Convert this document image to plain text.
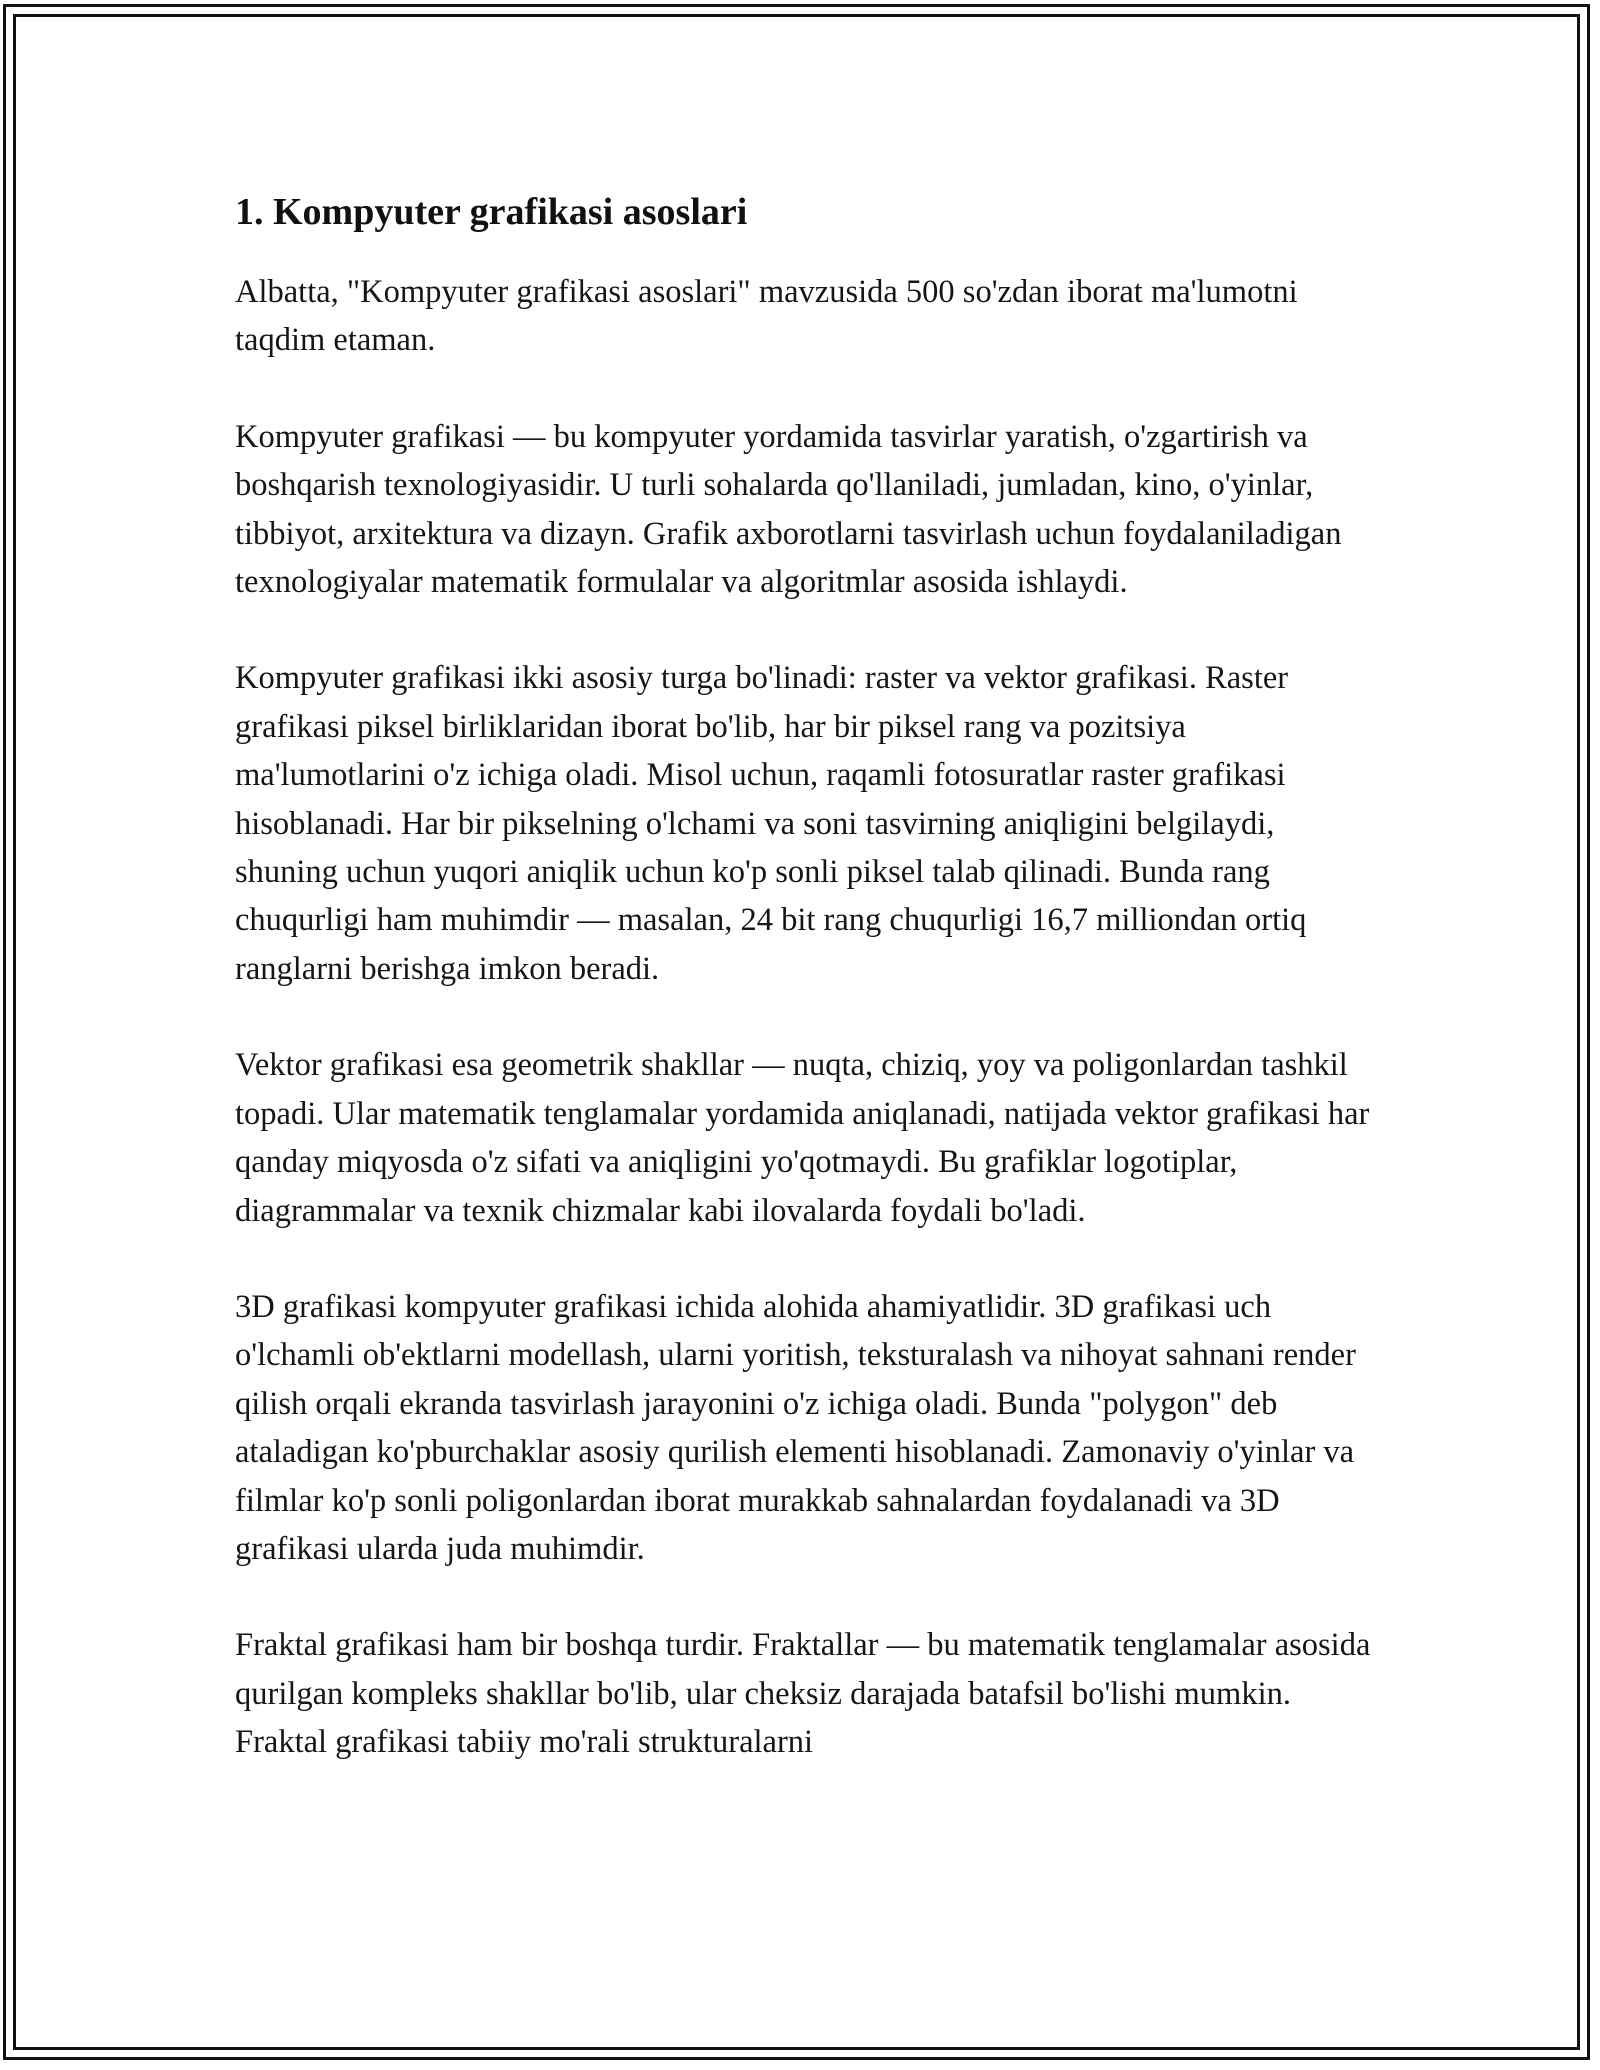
1. Kompyuter grafikasi asoslari

Albatta, "Kompyuter grafikasi asoslari" mavzusida 500 so'zdan iborat ma'lumotni taqdim etaman.

Kompyuter grafikasi — bu kompyuter yordamida tasvirlar yaratish, o'zgartirish va boshqarish texnologiyasidir. U turli sohalarda qo'llaniladi, jumladan, kino, o'yinlar, tibbiyot, arxitektura va dizayn. Grafik axborotlarni tasvirlash uchun foydalaniladigan texnologiyalar matematik formulalar va algoritmlar asosida ishlaydi.

Kompyuter grafikasi ikki asosiy turga bo'linadi: raster va vektor grafikasi. Raster grafikasi piksel birliklaridan iborat bo'lib, har bir piksel rang va pozitsiya ma'lumotlarini o'z ichiga oladi. Misol uchun, raqamli fotosuratlar raster grafikasi hisoblanadi. Har bir pikselning o'lchami va soni tasvirning aniqligini belgilaydi, shuning uchun yuqori aniqlik uchun ko'p sonli piksel talab qilinadi. Bunda rang chuqurligi ham muhimdir — masalan, 24 bit rang chuqurligi 16,7 milliondan ortiq ranglarni berishga imkon beradi.

Vektor grafikasi esa geometrik shakllar — nuqta, chiziq, yoy va poligonlardan tashkil topadi. Ular matematik tenglamalar yordamida aniqlanadi, natijada vektor grafikasi har qanday miqyosda o'z sifati va aniqligini yo'qotmaydi. Bu grafiklar logotiplar, diagrammalar va texnik chizmalar kabi ilovalarda foydali bo'ladi.

3D grafikasi kompyuter grafikasi ichida alohida ahamiyatlidir. 3D grafikasi uch o'lchamli ob'ektlarni modellash, ularni yoritish, teksturalash va nihoyat sahnani render qilish orqali ekranda tasvirlash jarayonini o'z ichiga oladi. Bunda "polygon" deb ataladigan ko'pburchaklar asosiy qurilish elementi hisoblanadi. Zamonaviy o'yinlar va filmlar ko'p sonli poligonlardan iborat murakkab sahnalardan foydalanadi va 3D grafikasi ularda juda muhimdir.

Fraktal grafikasi ham bir boshqa turdir. Fraktallar — bu matematik tenglamalar asosida qurilgan kompleks shakllar bo'lib, ular cheksiz darajada batafsil bo'lishi mumkin. Fraktal grafikasi tabiiy mo'rali strukturalarni
